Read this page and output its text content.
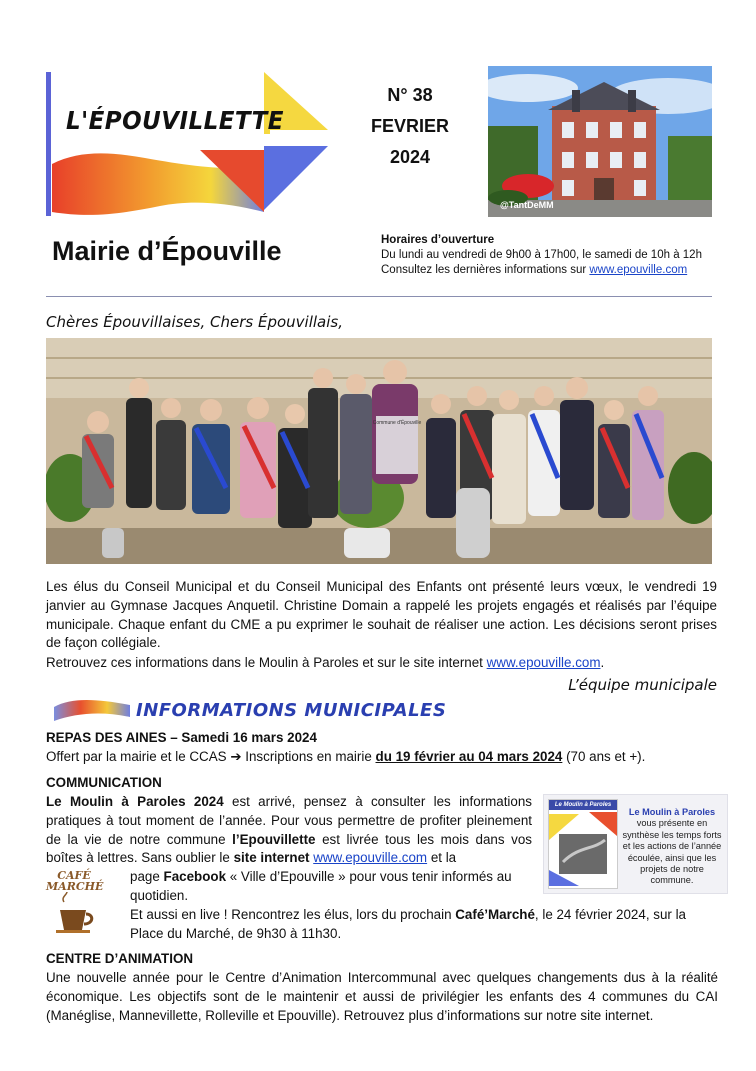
L'ÉPOUVILLETTE
N° 38
FEVRIER
2024
@TantDeMM
Mairie d’Épouville	Horaires d’ouverture
Du lundi au vendredi de 9h00 à 17h00, le samedi de 10h à 12h
Consultez les dernières informations sur www.epouville.com
Chères Épouvillaises, Chers Épouvillais,
Commune d'Épouville
Les élus du Conseil Municipal et du Conseil Municipal des Enfants ont présenté leurs vœux, le vendredi 19 janvier au Gymnase Jacques Anquetil. Christine Domain a rappelé les projets engagés et réalisés par l’équipe municipale. Chaque enfant du CME a pu exprimer le souhait de réaliser une action. Les décisions seront prises de façon collégiale.
Retrouvez ces informations dans le Moulin à Paroles et sur le site internet www.epouville.com.
L’équipe municipale
INFORMATIONS MUNICIPALES
REPAS DES AINES – Samedi 16 mars 2024
Offert par la mairie et le CCAS ➔ Inscriptions en mairie du 19 février au 04 mars 2024 (70 ans et +).
COMMUNICATION
Le Moulin à Paroles 2024 est arrivé, pensez à consulter les informations pratiques à tout moment de l’année. Pour vous permettre de profiter pleinement de la vie de notre commune l’Epouvillette est livrée tous les mois dans vos boîtes à lettres. Sans oublier le site internet www.epouville.com et la
page Facebook « Ville d’Epouville » pour vous tenir informés au quotidien.
Et aussi en live ! Rencontrez les élus, lors du prochain Café’Marché, le 24 février 2024, sur la Place du Marché, de 9h30 à 11h30.
CAFÉ
MARCHÉ
Le Moulin à Paroles
Le Moulin à Paroles vous présente en synthèse les temps forts et les actions de l’année écoulée, ainsi que les projets de notre commune.
CENTRE D’ANIMATION
Une nouvelle année pour le Centre d’Animation Intercommunal avec quelques changements dus à la réalité économique. Les objectifs sont de le maintenir et aussi de privilégier les enfants des 4 communes du CAI (Manéglise, Mannevillette, Rolleville et Epouville). Retrouvez plus d’informations sur notre site internet.
